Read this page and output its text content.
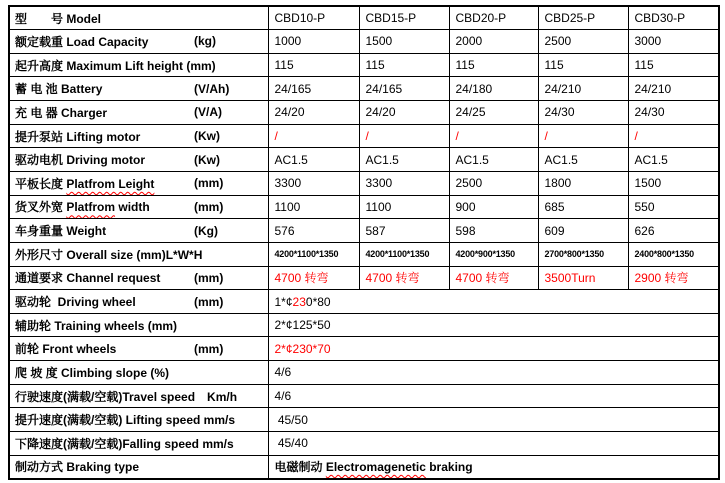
型　　号 Model	CBD10-P	CBD15-P	CBD20-P	CBD25-P	CBD30-P
额定载重 Load Capacity (kg)	1000	1500	2000	2500	3000
起升高度 Maximum Lift height (mm)	115	115	115	115	115
蓄 电 池 Battery (V/Ah)	24/165	24/165	24/180	24/210	24/210
充 电 器 Charger (V/A)	24/20	24/20	24/25	24/30	24/30
提升泵站 Lifting motor (Kw)	/	/	/	/	/
驱动电机 Driving motor (Kw)	AC1.5	AC1.5	AC1.5	AC1.5	AC1.5
平板长度 Platfrom Leight (mm)	3300	3300	2500	1800	1500
货叉外宽 Platfrom width (mm)	1100	1100	900	685	550
车身重量 Weight (Kg)	576	587	598	609	626
外形尺寸 Overall size (mm)L*W*H	4200*1100*1350	4200*1100*1350	4200*900*1350	2700*800*1350	2400*800*1350
通道要求 Channel request (mm)	4700 转弯	4700 转弯	4700 转弯	3500Turn	2900 转弯
驱动轮  Driving wheel (mm)	1*¢230*80				
辅助轮 Training wheels (mm)	2*¢125*50				
前轮 Front wheels (mm)	2*¢230*70				
爬 坡 度 Climbing slope (%)	4/6				
行驶速度(满载/空载)Travel speed Km/h	4/6				
提升速度(满载/空载) Lifting speed mm/s	45/50				
下降速度(满载/空载)Falling speed mm/s	45/40				
制动方式 Braking type	电磁制动 Electromagenetic braking				
